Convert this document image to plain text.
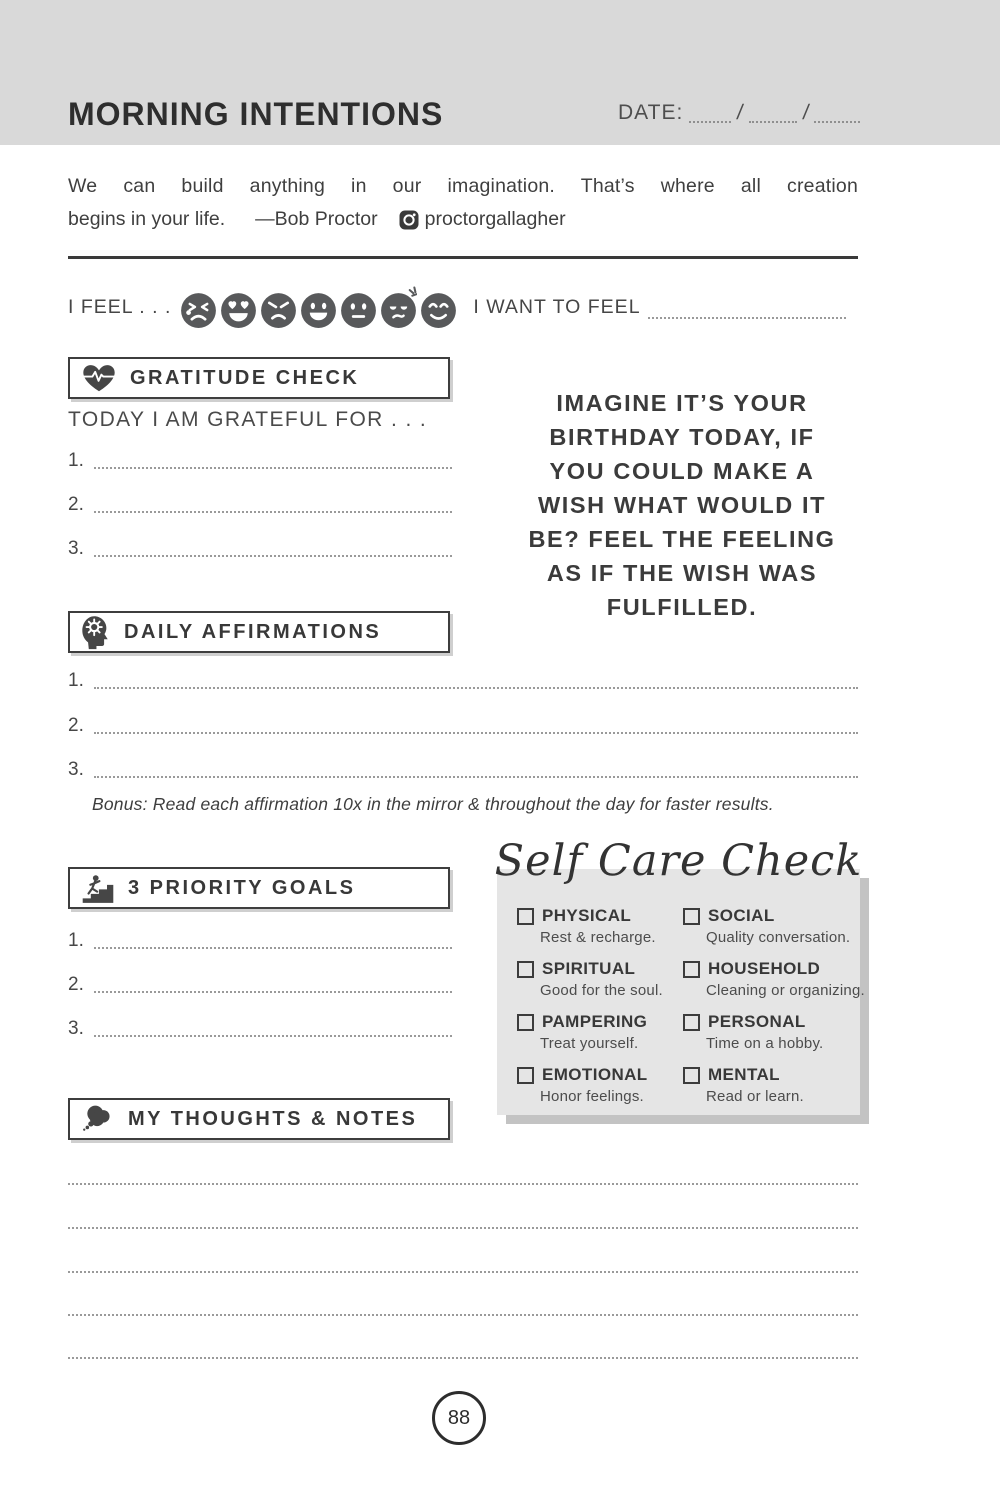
MORNING INTENTIONS	DATE: /	/
We can build anything in our imagination. That’s where all creation
begins in your life. —Bob Proctor proctorgallagher
I FEEL . . .	I WANT TO FEEL
GRATITUDE CHECK
TODAY I AM GRATEFUL FOR . . .
1.
2.
3.
IMAGINE IT’S YOUR
BIRTHDAY TODAY, IF
YOU COULD MAKE A
WISH WHAT WOULD IT
BE? FEEL THE FEELING
AS IF THE WISH WAS
FULFILLED.
DAILY AFFIRMATIONS
1.
2.
3.
Bonus: Read each affirmation 10x in the mirror & throughout the day for faster results.
3 PRIORITY GOALS
1.
2.
3.
Self Care Check
PHYSICAL
Rest & recharge.
SOCIAL
Quality conversation.
SPIRITUAL
Good for the soul.
HOUSEHOLD
Cleaning or organizing.
PAMPERING
Treat yourself.
PERSONAL
Time on a hobby.
EMOTIONAL
Honor feelings.
MENTAL
Read or learn.
MY THOUGHTS & NOTES
88
